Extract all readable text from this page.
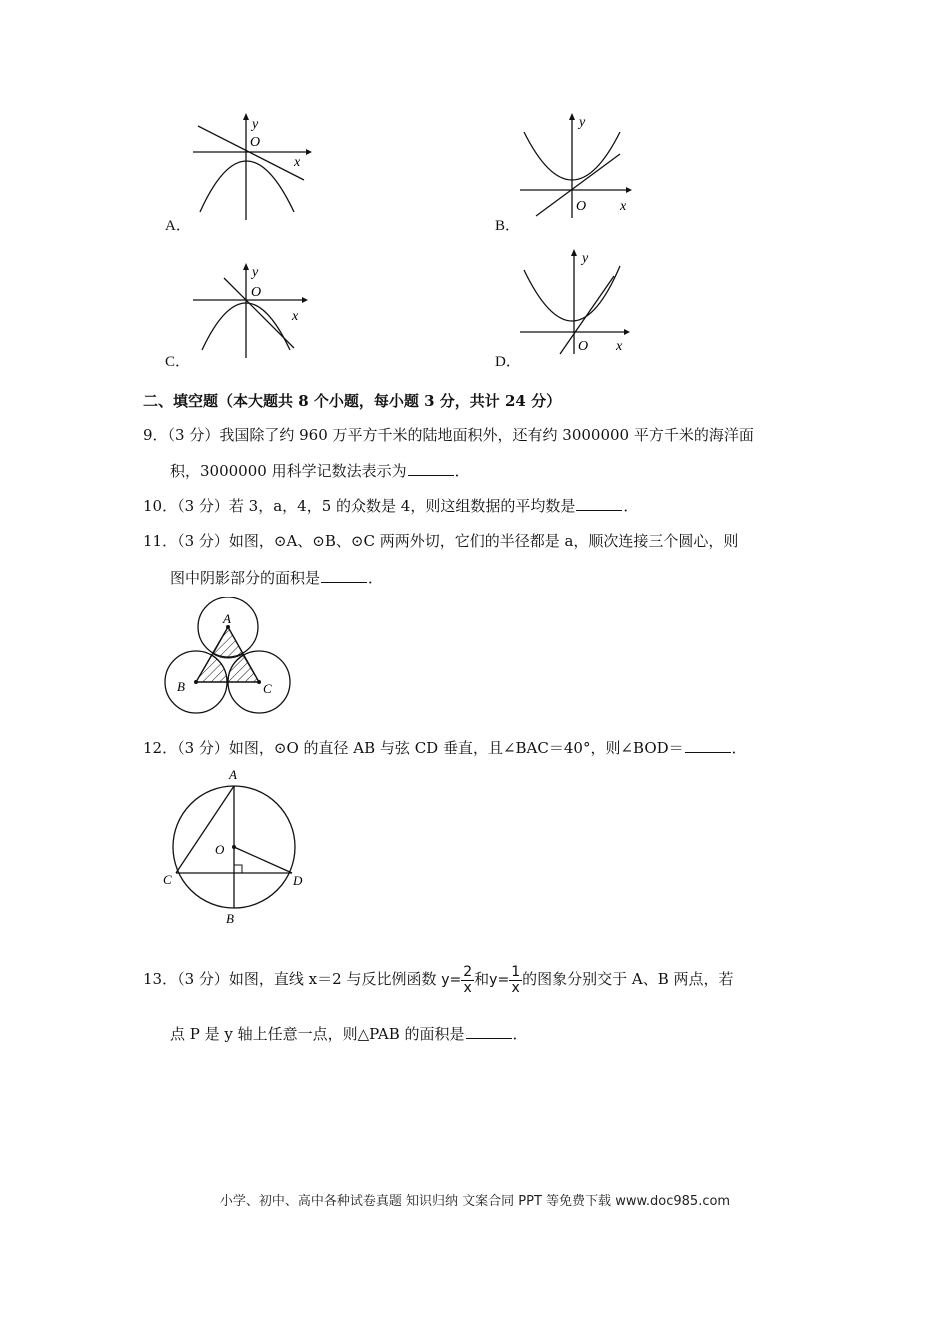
y
O
x
A．
y
O x
B．
y
O
x
C．
y
O x
D．
二、填空题（本大题共 8 个小题，每小题 3 分，共计 24 分）
9．（3 分）我国除了约 960 万平方千米的陆地面积外，还有约 3000000 平方千米的海洋面
积，3000000 用科学记数法表示为	．
10．（3 分）若 3，a，4，5 的众数是 4，则这组数据的平均数是	．
11．（3 分）如图，⊙A、⊙B、⊙C 两两外切，它们的半径都是 a，顺次连接三个圆心，则
图中阴影部分的面积是	．
A
B	C
12．（3 分）如图，⊙O 的直径 AB 与弦 CD 垂直，且∠BAC＝40°，则∠BOD＝	．
A
O
C	D
B
13．（3 分）如图，直线 x＝2 与反比例函数 $y= \frac{2}{x}$ 和$y= \frac{1}{x}$ 的图象分别交于 A、B 两点，若
点 P 是 y 轴上任意一点，则△PAB 的面积是	．
小学、初中、高中各种试卷真题 知识归纳 文案合同 PPT 等免费下载 www.doc985.com
